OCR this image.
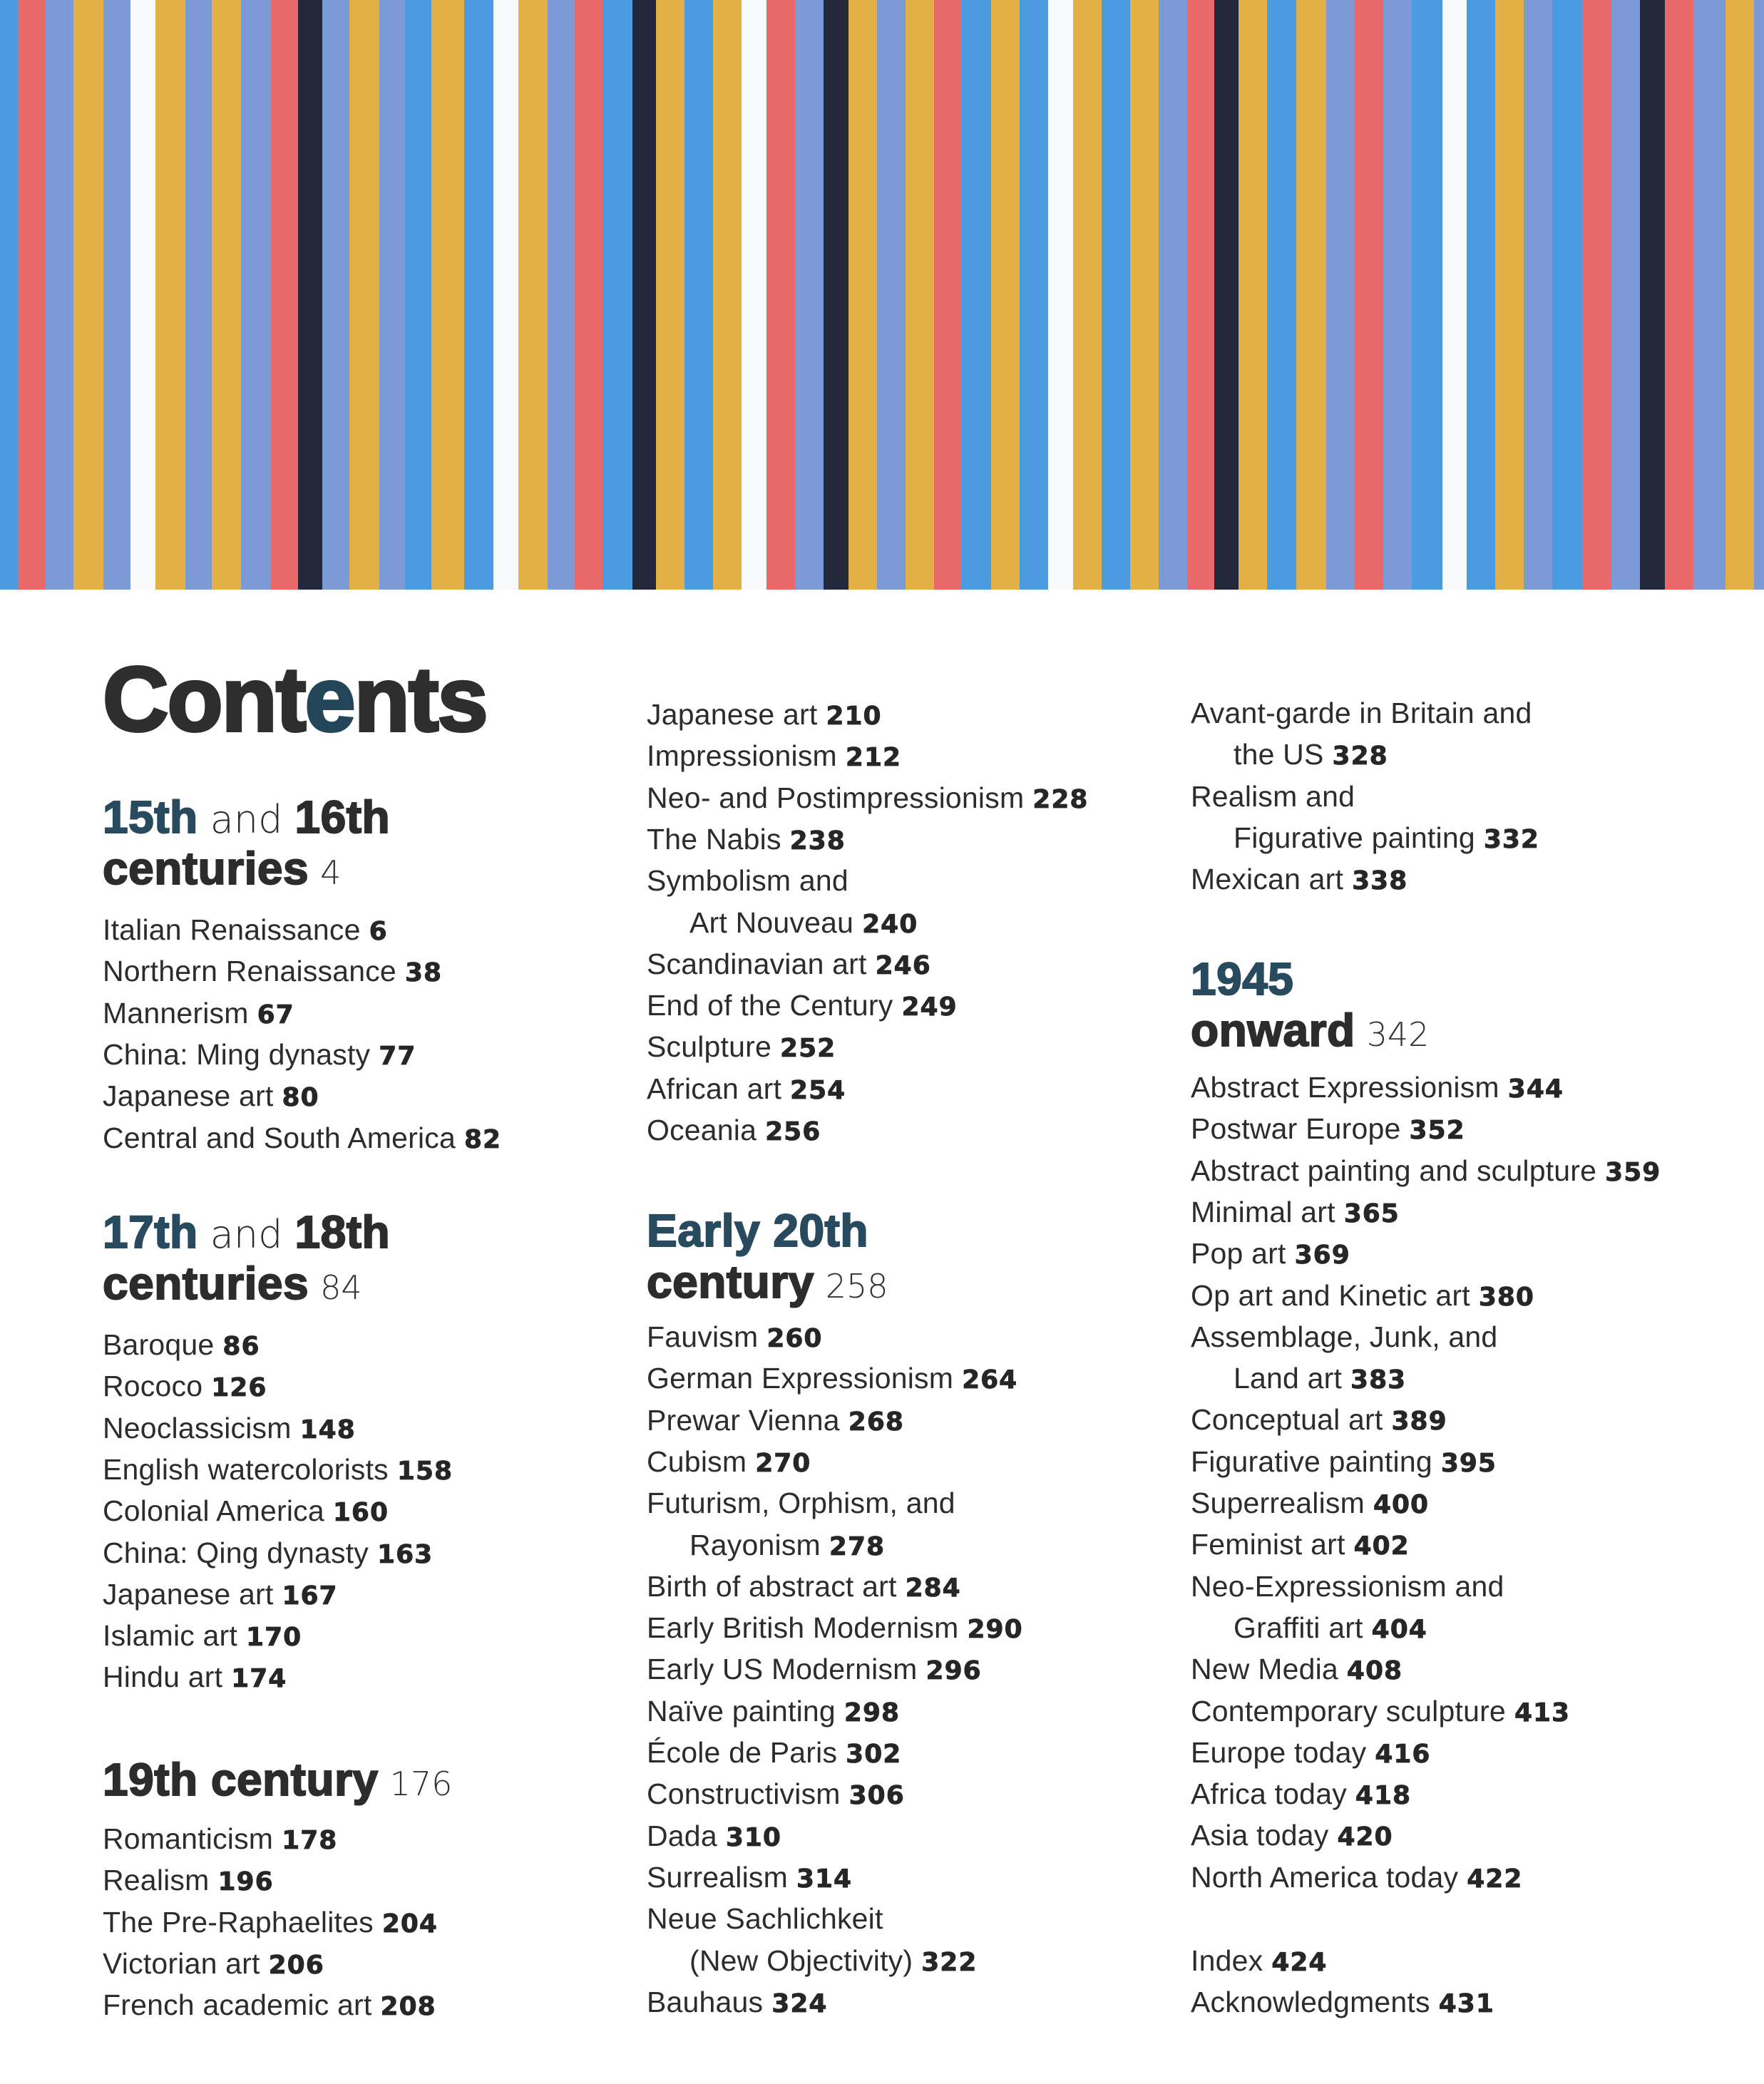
Contents
15th and 16th
centuries 4
Italian Renaissance 6
Northern Renaissance 38
Mannerism 67
China: Ming dynasty 77
Japanese art 80
Central and South America 82
17th and 18th
centuries 84
Baroque 86
Rococo 126
Neoclassicism 148
English watercolorists 158
Colonial America 160
China: Qing dynasty 163
Japanese art 167
Islamic art 170
Hindu art 174
19th century 176
Romanticism 178
Realism 196
The Pre-Raphaelites 204
Victorian art 206
French academic art 208
Japanese art 210
Impressionism 212
Neo- and Postimpressionism 228
The Nabis 238
Symbolism and
Art Nouveau 240
Scandinavian art 246
End of the Century 249
Sculpture 252
African art 254
Oceania 256
Early 20th
century 258
Fauvism 260
German Expressionism 264
Prewar Vienna 268
Cubism 270
Futurism, Orphism, and
Rayonism 278
Birth of abstract art 284
Early British Modernism 290
Early US Modernism 296
Naïve painting 298
École de Paris 302
Constructivism 306
Dada 310
Surrealism 314
Neue Sachlichkeit
(New Objectivity) 322
Bauhaus 324
Avant-garde in Britain and
the US 328
Realism and
Figurative painting 332
Mexican art 338
1945
onward 342
Abstract Expressionism 344
Postwar Europe 352
Abstract painting and sculpture 359
Minimal art 365
Pop art 369
Op art and Kinetic art 380
Assemblage, Junk, and
Land art 383
Conceptual art 389
Figurative painting 395
Superrealism 400
Feminist art 402
Neo-Expressionism and
Graffiti art 404
New Media 408
Contemporary sculpture 413
Europe today 416
Africa today 418
Asia today 420
North America today 422
Index 424
Acknowledgments 431
